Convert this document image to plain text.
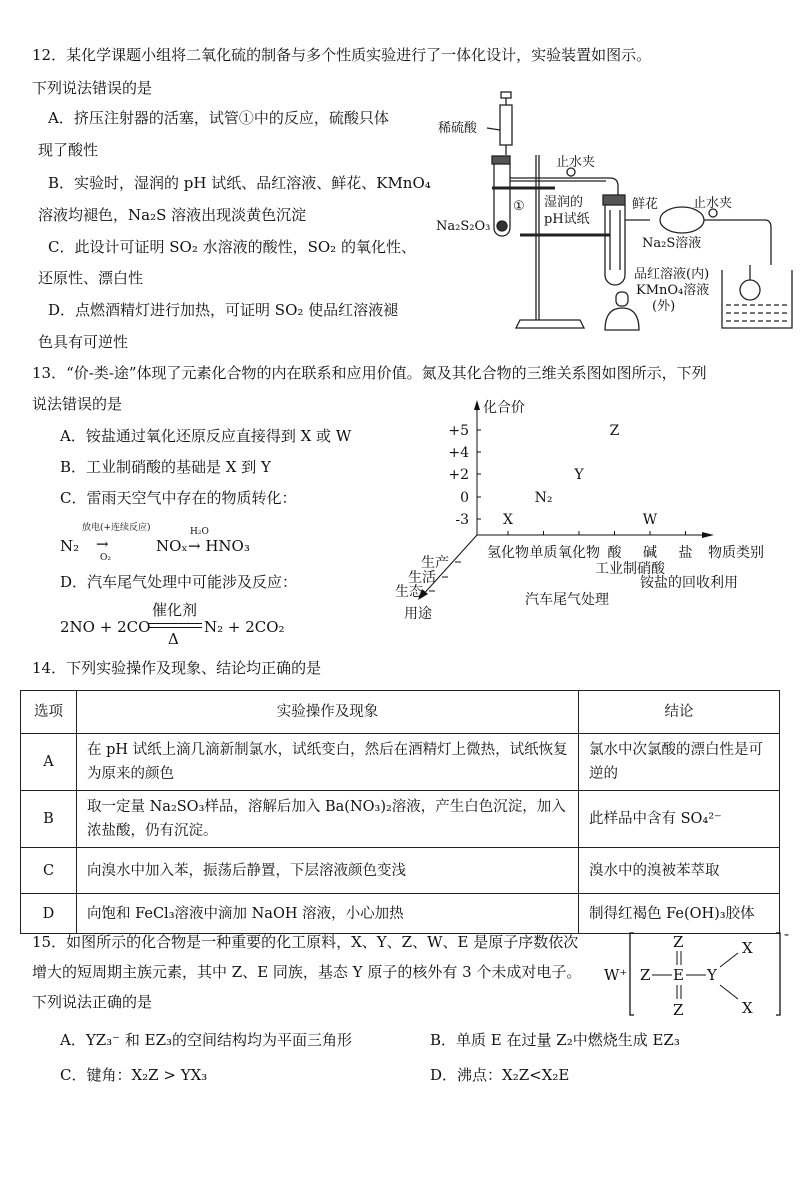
12．某化学课题小组将二氧化硫的制备与多个性质实验进行了一体化设计，实验装置如图示。
下列说法错误的是
A．挤压注射器的活塞，试管①中的反应，硫酸只体
现了酸性
B．实验时，湿润的 pH 试纸、品红溶液、鲜花、KMnO₄
溶液均褪色，Na₂S 溶液出现淡黄色沉淀
C．此设计可证明 SO₂ 水溶液的酸性，SO₂ 的氧化性、
还原性、漂白性
D．点燃酒精灯进行加热，可证明 SO₂ 使品红溶液褪
色具有可逆性
稀硫酸
止水夹
①
Na₂S₂O₃
湿润的
pH试纸
鲜花	止水夹
Na₂S溶液
品红溶液(内)
KMnO₄溶液
(外)
13．“价-类-途”体现了元素化合物的内在联系和应用价值。氮及其化合物的三维关系图如图所示，下列
说法错误的是
A．铵盐通过氧化还原反应直接得到 X 或 W
B．工业制硝酸的基础是 X 到 Y
C．雷雨天空气中存在的物质转化：
N₂
放电(+连续反应)
→
O₂
NOₓ
H₂O
→ HNO₃
D．汽车尾气处理中可能涉及反应：
2NO + 2CO
催化剂
Δ
N₂ + 2CO₂
化合价
物质类别
用途
+5
+4
+2
0
-3
氢化物 单质 氧化物 酸 碱 盐
生产
生活
生态
X
N₂
Y
Z
W
工业制硝酸
铵盐的回收利用
汽车尾气处理
14．下列实验操作及现象、结论均正确的是
选项	实验操作及现象	结论
A	在 pH 试纸上滴几滴新制氯水，试纸变白，然后在酒精灯上微热，试纸恢复为原来的颜色	氯水中次氯酸的漂白性是可逆的
B	取一定量 Na₂SO₃样品，溶解后加入 Ba(NO₃)₂溶液，产生白色沉淀，加入浓盐酸，仍有沉淀。	此样品中含有 SO₄²⁻
C	向溴水中加入苯，振荡后静置，下层溶液颜色变浅	溴水中的溴被苯萃取
D	向饱和 FeCl₃溶液中滴加 NaOH 溶液，小心加热	制得红褐色 Fe(OH)₃胶体
15．如图所示的化合物是一种重要的化工原料，X、Y、Z、W、E 是原子序数依次
增大的短周期主族元素，其中 Z、E 同族，基态 Y 原子的核外有 3 个未成对电子。
下列说法正确的是
W⁺
-
Z E Y
Z
Z
X
X
A．YZ₃⁻ 和 EZ₃的空间结构均为平面三角形	B．单质 E 在过量 Z₂中燃烧生成 EZ₃
C．键角：X₂Z > YX₃	D．沸点：X₂Z<X₂E
